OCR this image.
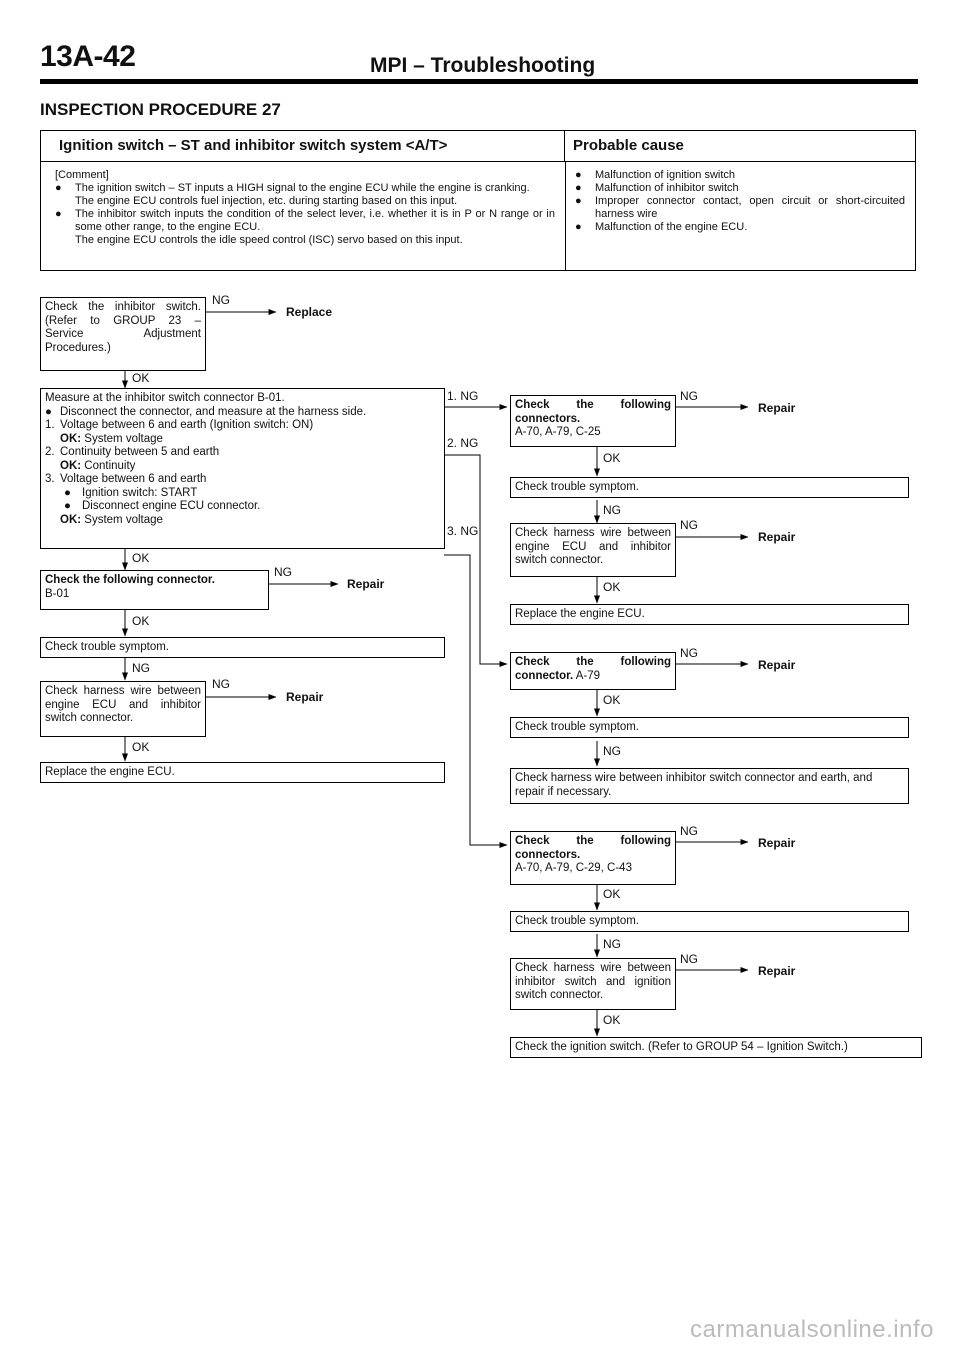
13A-42	MPI – Troubleshooting
INSPECTION PROCEDURE 27
Ignition switch – ST and inhibitor switch system <A/T>	Probable cause
[Comment]
●	The ignition switch – ST inputs a HIGH signal to the engine ECU while the engine is cranking.
The engine ECU controls fuel injection, etc. during starting based on this input.
●	The inhibitor switch inputs the condition of the select lever, i.e. whether it is in P or N range or in some other range, to the engine ECU.
The engine ECU controls the idle speed control (ISC) servo based on this input.
●	Malfunction of ignition switch
●	Malfunction of inhibitor switch
●	Improper connector contact, open circuit or short-circuited harness wire
●	Malfunction of the engine ECU.
Check the inhibitor switch. (Refer to GROUP 23 – Service Adjustment Procedures.)
Measure at the inhibitor switch connector B-01.
● Disconnect the connector, and measure at the harness side.
1. Voltage between 6 and earth (Ignition switch: ON)
OK:
System voltage
2. Continuity between 5 and earth
OK:
Continuity
3. Voltage between 6 and earth
● Ignition switch: START
● Disconnect engine ECU connector.
OK:
System voltage
Check the following connector.
B-01
Check trouble symptom.
Check harness wire between engine ECU and inhibitor switch connector.
Replace the engine ECU.
NG
Replace
OK
OK
NG
Repair
OK
NG
NG
Repair
OK
1. NG
2. NG
3. NG
Check the following
connectors.
A-70, A-79, C-25
Check trouble symptom.
Check harness wire between engine ECU and inhibitor switch connector.
Replace the engine ECU.
Check the following
connector. A-79
Check trouble symptom.
Check harness wire between inhibitor switch connector and earth, and repair if necessary.
Check the following
connectors.
A-70, A-79, C-29, C-43
Check trouble symptom.
Check harness wire between inhibitor switch and ignition switch connector.
Check the ignition switch. (Refer to GROUP 54 – Ignition Switch.)
NG
Repair
OK
NG
NG
Repair
OK
NG
Repair
OK
NG
NG
Repair
OK
NG
NG
Repair
OK
carmanualsonline.info
